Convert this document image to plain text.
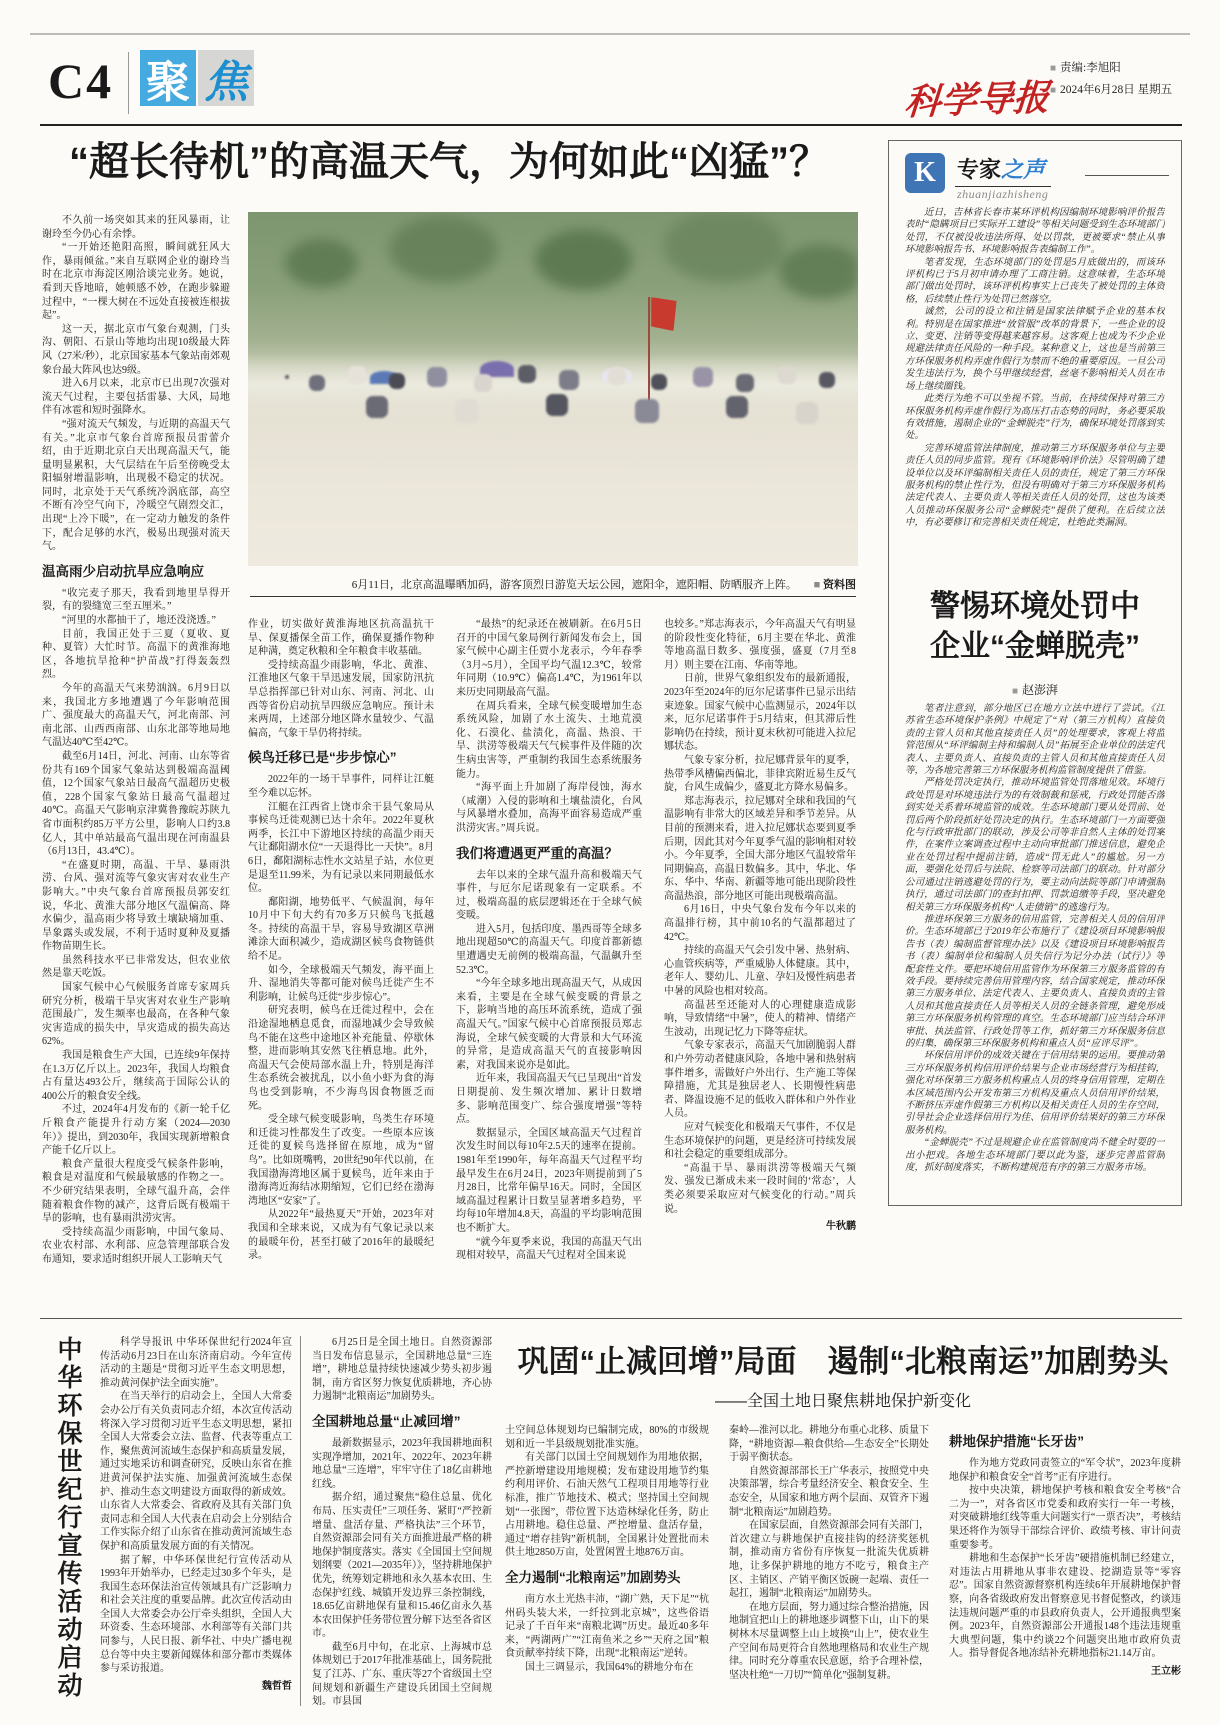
C4 聚 焦	科学导报
■ 责编:李旭阳
■ 2024年6月28日 星期五
“超长待机”的高温天气，为何如此“凶猛”？
不久前一场突如其来的狂风暴雨，让谢玲至今仍心有余悸。
“一开始还艳阳高照，瞬间就狂风大作，暴雨倾盆。”来自互联网企业的谢玲当时在北京市海淀区刚洽谈完业务。她说，看到天昏地暗，她顿感不妙，在跑步躲避过程中，“一棵大树在不远处直接被连根拔起”。
这一天，据北京市气象台观测，门头沟、朝阳、石景山等地均出现10级最大阵风（27米/秒），北京国家基本气象站南郊观象台最大阵风也达9级。
进入6月以来，北京市已出现7次强对流天气过程，主要包括雷暴、大风，局地伴有冰雹和短时强降水。
“强对流天气频发，与近期的高温天气有关。”北京市气象台首席预报员雷蕾介绍，由于近期北京白天出现高温天气，能量明显累积，大气层结在午后至傍晚受太阳辐射增温影响，出现极不稳定的状况。同时，北京处于天气系统冷涡底部，高空不断有冷空气向下，冷暖空气剧烈交汇，出现“上冷下暖”，在一定动力触发的条件下，配合足够的水汽，极易出现强对流天气。
温高雨少启动抗旱应急响应
“收完麦子那天，我看到地里旱得开裂，有的裂缝宽三至五厘米。”
“河里的水都抽干了，地还没浇透。”
目前，我国正处于三夏（夏收、夏种、夏管）大忙时节。高温下的黄淮海地区，各地抗旱抢种“护苗战”打得轰轰烈烈。
今年的高温天气来势汹汹。6月9日以来，我国北方多地遭遇了今年影响范围广、强度最大的高温天气，河北南部、河南北部、山西西南部、山东北部等地局地气温达40℃至42℃。
截至6月14日，河北、河南、山东等省份共有169个国家气象站达到极端高温阈值，12个国家气象站日最高气温超历史极值，228个国家气象站日最高气温超过40℃。高温天气影响京津冀鲁豫皖苏陕九省市面积约85万平方公里，影响人口约3.8亿人，其中单站最高气温出现在河南温县（6月13日，43.4℃）。
“在盛夏时期，高温、干旱、暴雨洪涝、台风、强对流等气象灾害对农业生产影响大。”中央气象台首席预报员郭安红说，华北、黄淮大部分地区气温偏高、降水偏少，温高雨少将导致土壤缺墒加重、旱象露头或发展，不利于适时夏种及夏播作物苗期生长。
虽然科技水平已非常发达，但农业依然是靠天吃饭。
国家气候中心气候服务首席专家周兵研究分析，极端干旱灾害对农业生产影响范围最广，发生频率也最高，在各种气象灾害造成的损失中，旱灾造成的损失高达62%。
我国是粮食生产大国，已连续9年保持在1.3万亿斤以上。2023年，我国人均粮食占有量达493公斤，继续高于国际公认的400公斤的粮食安全线。
不过，2024年4月发布的《新一轮千亿斤粮食产能提升行动方案（2024—2030年）》提出，到2030年，我国实现新增粮食产能千亿斤以上。
粮食产量很大程度受气候条件影响，粮食是对温度和气候最敏感的作物之一。不少研究结果表明，全球气温升高，会伴随着粮食作物的减产，这背后既有极端干旱的影响，也有暴雨洪涝灾害。
受持续高温少雨影响，中国气象局、农业农村部、水利部、应急管理部联合发布通知，要求适时组织开展人工影响天气
6月11日，北京高温曝晒加码，游客顶烈日游览天坛公园，遮阳伞，遮阳帽、防晒服齐上阵。 ■ 资料图
作业，切实做好黄淮海地区抗高温抗干旱、保夏播保全苗工作，确保夏播作物种足种满，奠定秋粮和全年粮食丰收基础。
受持续高温少雨影响，华北、黄淮、江淮地区气象干旱迅速发展，国家防汛抗旱总指挥部已针对山东、河南、河北、山西等省份启动抗旱四级应急响应。预计未来两周，上述部分地区降水量较少、气温偏高，气象干旱仍将持续。
候鸟迁移已是“步步惊心”
2022年的一场干旱事件，同样让江艇至今难以忘怀。
江艇在江西省上饶市余干县气象局从事候鸟迁徙观测已达十余年。2022年夏秋两季，长江中下游地区持续的高温少雨天气让鄱阳湖水位“一天退得比一天快”。8月6日，鄱阳湖标志性水文站星子站，水位更是退至11.99米，为有记录以来同期最低水位。
鄱阳湖，地势低平、气候温润，每年10月中下旬大约有70多万只候鸟飞抵越冬。持续的高温干旱，容易导致湖区草洲滩涂大面积减少，造成湖区候鸟食物链供给不足。
如今，全球极端天气频发，海平面上升、湿地消失等都可能对候鸟迁徙产生不利影响，让候鸟迁徙“步步惊心”。
研究表明，候鸟在迁徙过程中，会在沿途湿地栖息觅食，而湿地减少会导致候鸟不能在这些中途地区补充能量、停歇休整，进而影响其安然飞往栖息地。此外，高温天气会使局部水温上升，特别是海洋生态系统会被扰乱，以小鱼小虾为食的海鸟也受到影响，不少海鸟因食物匮乏而死。
受全球气候变暖影响，鸟类生存环境和迁徙习性都发生了改变。一些原本应该迁徙的夏候鸟选择留在原地，成为“留鸟”。比如斑嘴鸭，20世纪90年代以前，在我国渤海湾地区属于夏候鸟，近年来由于渤海湾近海结冰期缩短，它们已经在渤海湾地区“安家”了。
从2022年“最热夏天”开始，2023年对我国和全球来说，又成为有气象记录以来的最暖年份，甚至打破了2016年的最暖纪录。
“最热”的纪录还在被刷新。在6月5日召开的中国气象局例行新闻发布会上，国家气候中心副主任贾小龙表示，今年春季（3月~5月），全国平均气温12.3℃，较常年同期（10.9℃）偏高1.4℃，为1961年以来历史同期最高气温。
在周兵看来，全球气候变暖增加生态系统风险，加剧了水土流失、土地荒漠化、石漠化、盐渍化，高温、热浪、干旱、洪涝等极端天气气候事件及伴随的次生病虫害等，严重制约我国生态系统服务能力。
“海平面上升加剧了海岸侵蚀，海水（咸潮）入侵的影响和土壤盐渍化，台风与风暴增水叠加，高海平面容易造成严重洪涝灾害。”周兵说。
我们将遭遇更严重的高温？
去年以来的全球气温升高和极端天气事件，与厄尔尼诺现象有一定联系。不过，极端高温的底层逻辑还在于全球气候变暖。
进入5月，包括印度、墨西哥等全球多地出现超50℃的高温天气。印度首都新德里遭遇史无前例的极端高温，气温飙升至52.3℃。
“今年全球多地出现高温天气，从成因来看，主要是在全球气候变暖的背景之下，影响当地的高压环流系统，造成了强高温天气。”国家气候中心首席预报员郑志海说，全球气候变暖的大背景和大气环流的异常，是造成高温天气的直接影响因素，对我国来说亦是如此。
近年来，我国高温天气已呈现出“首发日期提前、发生频次增加、累计日数增多、影响范围变广、综合强度增强”等特点。
数据显示，全国区域高温天气过程首次发生时间以每10年2.5天的速率在提前。1981年至1990年，每年高温天气过程平均最早发生在6月24日，2023年则提前到了5月28日，比常年偏早16天。同时，全国区域高温过程累计日数呈显著增多趋势，平均每10年增加4.8天，高温的平均影响范围也不断扩大。
“就今年夏季来说，我国的高温天气出现相对较早，高温天气过程对全国来说
也较多。”郑志海表示，今年高温天气有明显的阶段性变化特征，6月主要在华北、黄淮等地高温日数多、强度强，盛夏（7月至8月）则主要在江南、华南等地。
日前，世界气象组织发布的最新通报，2023年至2024年的厄尔尼诺事件已显示出结束迹象。国家气候中心监测显示，2024年以来，厄尔尼诺事件于5月结束，但其滞后性影响仍在持续，预计夏末秋初可能进入拉尼娜状态。
气象专家分析，拉尼娜背景年的夏季，热带季风槽偏西偏北，菲律宾附近易生反气旋，台风生成偏少，盛夏北方降水易偏多。
郑志海表示，拉尼娜对全球和我国的气温影响有非常大的区域差异和季节差异。从目前的预测来看，进入拉尼娜状态要到夏季后期，因此其对今年夏季气温的影响相对较小。今年夏季，全国大部分地区气温较常年同期偏高，高温日数偏多。其中，华北、华东、华中、华南、新疆等地可能出现阶段性高温热浪，部分地区可能出现极端高温。
6月16日，中央气象台发布今年以来的高温排行榜，其中前10名的气温都超过了42℃。
持续的高温天气会引发中暑、热射病、心血管疾病等，严重威胁人体健康。其中，老年人、婴幼儿、儿童、孕妇及慢性病患者中暑的风险也相对较高。
高温甚至还能对人的心理健康造成影响，导致情绪“中暑”，使人的精神、情绪产生波动，出现记忆力下降等症状。
气象专家表示，高温天气加剧脆弱人群和户外劳动者健康风险，各地中暑和热射病事件增多，需做好户外出行、生产施工等保障措施，尤其是独居老人、长期慢性病患者、降温设施不足的低收入群体和户外作业人员。
应对气候变化和极端天气事件，不仅是生态环境保护的问题，更是经济可持续发展和社会稳定的重要组成部分。
“高温干旱、暴雨洪涝等极端天气频发、强发已渐成未来一段时间的‘常态’，人类必须要采取应对气候变化的行动。”周兵说。
牛秋鹏
K 专家之声
zhuanjiazhisheng
近日，吉林省长春市某环评机构因编制环境影响评价报告表时“隐瞒项目已实际开工建设”等相关问题受到生态环境部门处罚，不仅被没收违法所得、处以罚款，更被要求“禁止从事环境影响报告书、环境影响报告表编制工作”。
笔者发现，生态环境部门的处罚是5月底做出的，而该环评机构已于5月初申请办理了工商注销。这意味着，生态环境部门做出处罚时，该环评机构事实上已丧失了被处罚的主体资格，后续禁止性行为处罚已然落空。
诚然，公司的设立和注销是国家法律赋予企业的基本权利。特别是在国家推进“放管服”改革的背景下，一些企业的设立、变更、注销等变得越来越容易。这客观上也成为不少企业规避法律责任风险的一种手段。某种意义上，这也是当前第三方环保服务机构弄虚作假行为禁而不绝的重要原因。一旦公司发生违法行为，换个马甲继续经营，丝毫不影响相关人员在市场上继续圈钱。
此类行为绝不可以坐视不管。当前，在持续保持对第三方环保服务机构弄虚作假行为高压打击态势的同时，务必要采取有效措施，遏制企业的“金蝉脱壳”行为，确保环境处罚落到实处。
完善环境监管法律制度，推动第三方环保服务单位与主要责任人员的同步监管。现有《环境影响评价法》尽管明确了建设单位以及环评编制相关责任人员的责任，规定了第三方环保服务机构的禁止性行为，但没有明确对于第三方环保服务机构法定代表人、主要负责人等相关责任人员的处罚，这也为该类人员推动环保服务公司“金蝉脱壳”提供了便利。在后续立法中，有必要修订和完善相关责任规定，杜绝此类漏洞。
警惕环境处罚中
企业“金蝉脱壳”
■ 赵澎湃
笔者注意到，部分地区已在地方立法中进行了尝试。《江苏省生态环境保护条例》中规定了“对（第三方机构）直接负责的主管人员和其他直接责任人员”的处理要求，客观上将监管范围从“环评编制主持和编制人员”拓展至企业单位的法定代表人、主要负责人、直接负责的主管人员和其他直接责任人员等，为各地完善第三方环保服务机构监管制度提供了借鉴。
严格处罚决定执行，推动环境监管处罚落地见效。环境行政处罚是对环境违法行为的有效制裁和惩戒，行政处罚能否落到实处关系着环境监管的成效。生态环境部门要从处罚前、处罚后两个阶段抓好处罚决定的执行。生态环境部门一方面要强化与行政审批部门的联动，涉及公司等非自然人主体的处罚案件，在案件立案调查过程中主动向审批部门推送信息，避免企业在处罚过程中提前注销，造成“罚无此人”的尴尬。另一方面，要强化处罚后与法院、检察等司法部门的联动。针对部分公司通过注销逃避处罚的行为，要主动向法院等部门申请强制执行，通过司法部门的查封扣押、罚款追缴等手段，坚决避免相关第三方环保服务机构“人走债销”的逃逸行为。
推进环保第三方服务的信用监管，完善相关人员的信用评价。生态环境部已于2019年公布施行了《建设项目环境影响报告书（表）编制监督管理办法》以及《建设项目环境影响报告书（表）编制单位和编制人员失信行为记分办法（试行）》等配套性文件。要把环境信用监管作为环保第三方服务监管的有效手段。要持续完善信用管理内容，结合国家规定，推动环保第三方服务单位、法定代表人、主要负责人、直接负责的主管人员和其他直接责任人员等相关人员的全链条管理，避免形成第三方环保服务机构管理的真空。生态环境部门应当结合环评审批、执法监管、行政处罚等工作，抓好第三方环保服务信息的归集，确保第三环保服务机构和重点人员“应评尽评”。
环保信用评价的成效关键在于信用结果的运用。要推动第三方环保服务机构信用评价结果与企业市场经营行为相挂钩，强化对环保第三方服务机构重点人员的终身信用管理，定期在本区域范围内公开发布第三方机构及重点人员信用评价结果，不断挤压弄虚作假第三方机构以及相关责任人员的生存空间，引导社会企业选择信用行为佳、信用评价结果好的第三方环保服务机构。
“金蝉脱壳”不过是规避企业在监管制度尚不健全时耍的一出小把戏。各地生态环境部门要以此为鉴，逐步完善监管制度，抓好制度落实，不断构建规范有序的第三方服务市场。
中华环保世纪行宣传活动启动	科学导报讯 中华环保世纪行2024年宣传活动6月23日在山东济南启动。今年宣传活动的主题是“贯彻习近平生态文明思想，推动黄河保护法全面实施”。
在当天举行的启动会上，全国人大常委会办公厅有关负责同志介绍，本次宣传活动将深入学习贯彻习近平生态文明思想，紧扣全国人大常委会立法、监督、代表等重点工作，聚焦黄河流域生态保护和高质量发展，通过实地采访和调查研究，反映山东省在推进黄河保护法实施、加强黄河流域生态保护、推动生态文明建设方面取得的新成效。山东省人大常委会、省政府及其有关部门负责同志和全国人大代表在启动会上分别结合工作实际介绍了山东省在推动黄河流域生态保护和高质量发展方面的有关情况。
据了解，中华环保世纪行宣传活动从1993年开始举办，已经走过30多个年头，是我国生态环保法治宣传领域具有广泛影响力和社会关注度的重要品牌。此次宣传活动由全国人大常委会办公厅牵头组织，全国人大环资委、生态环境部、水利部等有关部门共同参与，人民日报、新华社、中央广播电视总台等中央主要新闻媒体和部分都市类媒体参与采访报道。
魏哲哲
6月25日是全国土地日。自然资源部当日发布信息显示，全国耕地总量“三连增”，耕地总量持续快速减少势头初步遏制，南方省区努力恢复优质耕地，齐心协力遏制“北粮南运”加剧势头。
全国耕地总量“止减回增”
最新数据显示，2023年我国耕地面积实现净增加，2021年、2022年、2023年耕地总量“三连增”，牢牢守住了18亿亩耕地红线。
据介绍，通过聚焦“稳住总量、优化布局、压实责任”三项任务、紧盯“严控新增量、盘活存量、严格执法”三个环节，自然资源部会同有关方面推进最严格的耕地保护制度落实。落实《全国国土空间规划纲要（2021—2035年）》，坚持耕地保护优先，统筹划定耕地和永久基本农田、生态保护红线、城镇开发边界三条控制线，18.65亿亩耕地保有量和15.46亿亩永久基本农田保护任务带位置分解下达至各省区市。
截至6月中旬，在北京、上海城市总体规划已于2017年批准基础上，国务院批复了江苏、广东、重庆等27个省级国土空间规划和新疆生产建设兵团国土空间规划。市县国
巩固“止减回增”局面　遏制“北粮南运”加剧势头
——全国土地日聚焦耕地保护新变化
土空间总体规划均已编制完成，80%的市级规划和近一半县级规划批准实施。
有关部门以国土空间规划作为用地依据，严控新增建设用地规模；发布建设用地节约集约利用评价、石油天然气工程项目用地等行业标准，推广节地技术、模式；坚持国土空间规划“一张图”，带位置下达造林绿化任务，防止占用耕地。稳住总量、严控增量、盘活存量，通过“增存挂钩”新机制，全国累计处置批而未供土地2850万亩，处置闲置土地876万亩。
全力遏制“北粮南运”加剧势头
南方水土光热丰沛，“湖广熟，天下足”“杭州码头装大米，一纤拉到北京城”，这些俗语记录了千百年来“南粮北调”历史。最近40多年来，“两湖两广”“江南鱼米之乡”“天府之国”粮食贡献率持续下降，出现“北粮南运”逆转。
国土三调显示，我国64%的耕地分布在
秦岭—淮河以北。耕地分布重心北移、质量下降，“耕地资源—粮食供给—生态安全”长期处于弱平衡状态。
自然资源部部长王广华表示，按照党中央决策部署，综合考量经济安全、粮食安全、生态安全，从国家和地方两个层面、双管齐下遏制“北粮南运”加剧趋势。
在国家层面，自然资源部会同有关部门，首次建立与耕地保护直接挂钩的经济奖惩机制，推动南方省份有序恢复一批流失优质耕地，让多保护耕地的地方不吃亏，粮食主产区、主销区、产销平衡区饭碗一起端、责任一起扛，遏制“北粮南运”加剧势头。
在地方层面，努力通过综合整治措施，因地制宜把山上的耕地逐步调整下山，山下的果树林木尽量调整上山上坡换“山上”，使农业生产空间布局更符合自然地理格局和农业生产规律。同时充分尊重农民意愿，给予合理补偿，坚决杜绝“一刀切”“简单化”强制复耕。
耕地保护措施“长牙齿”
作为地方党政同责签立的“军令状”，2023年度耕地保护和粮食安全“首考”正有序进行。
按中央决策，耕地保护考核和粮食安全考核“合二为一”，对各省区市党委和政府实行一年一考核，对突破耕地红线等重大问题实行“一票否决”，考核结果还将作为领导干部综合评价、政绩考核、审计问责重要参考。
耕地和生态保护“长牙齿”硬措施机制已经建立，对违法占用耕地从事非农建设、挖湖造景等“零容忍”。国家自然资源督察机构连续6年开展耕地保护督察，向各省级政府发出督察意见书督促整改，约谈违法违规问题严重的市县政府负责人，公开通报典型案例。2023年，自然资源部公开通报148个违法违规重大典型问题，集中约谈22个问题突出地市政府负责人。指导督促各地冻结补充耕地指标21.14万亩。
王立彬
